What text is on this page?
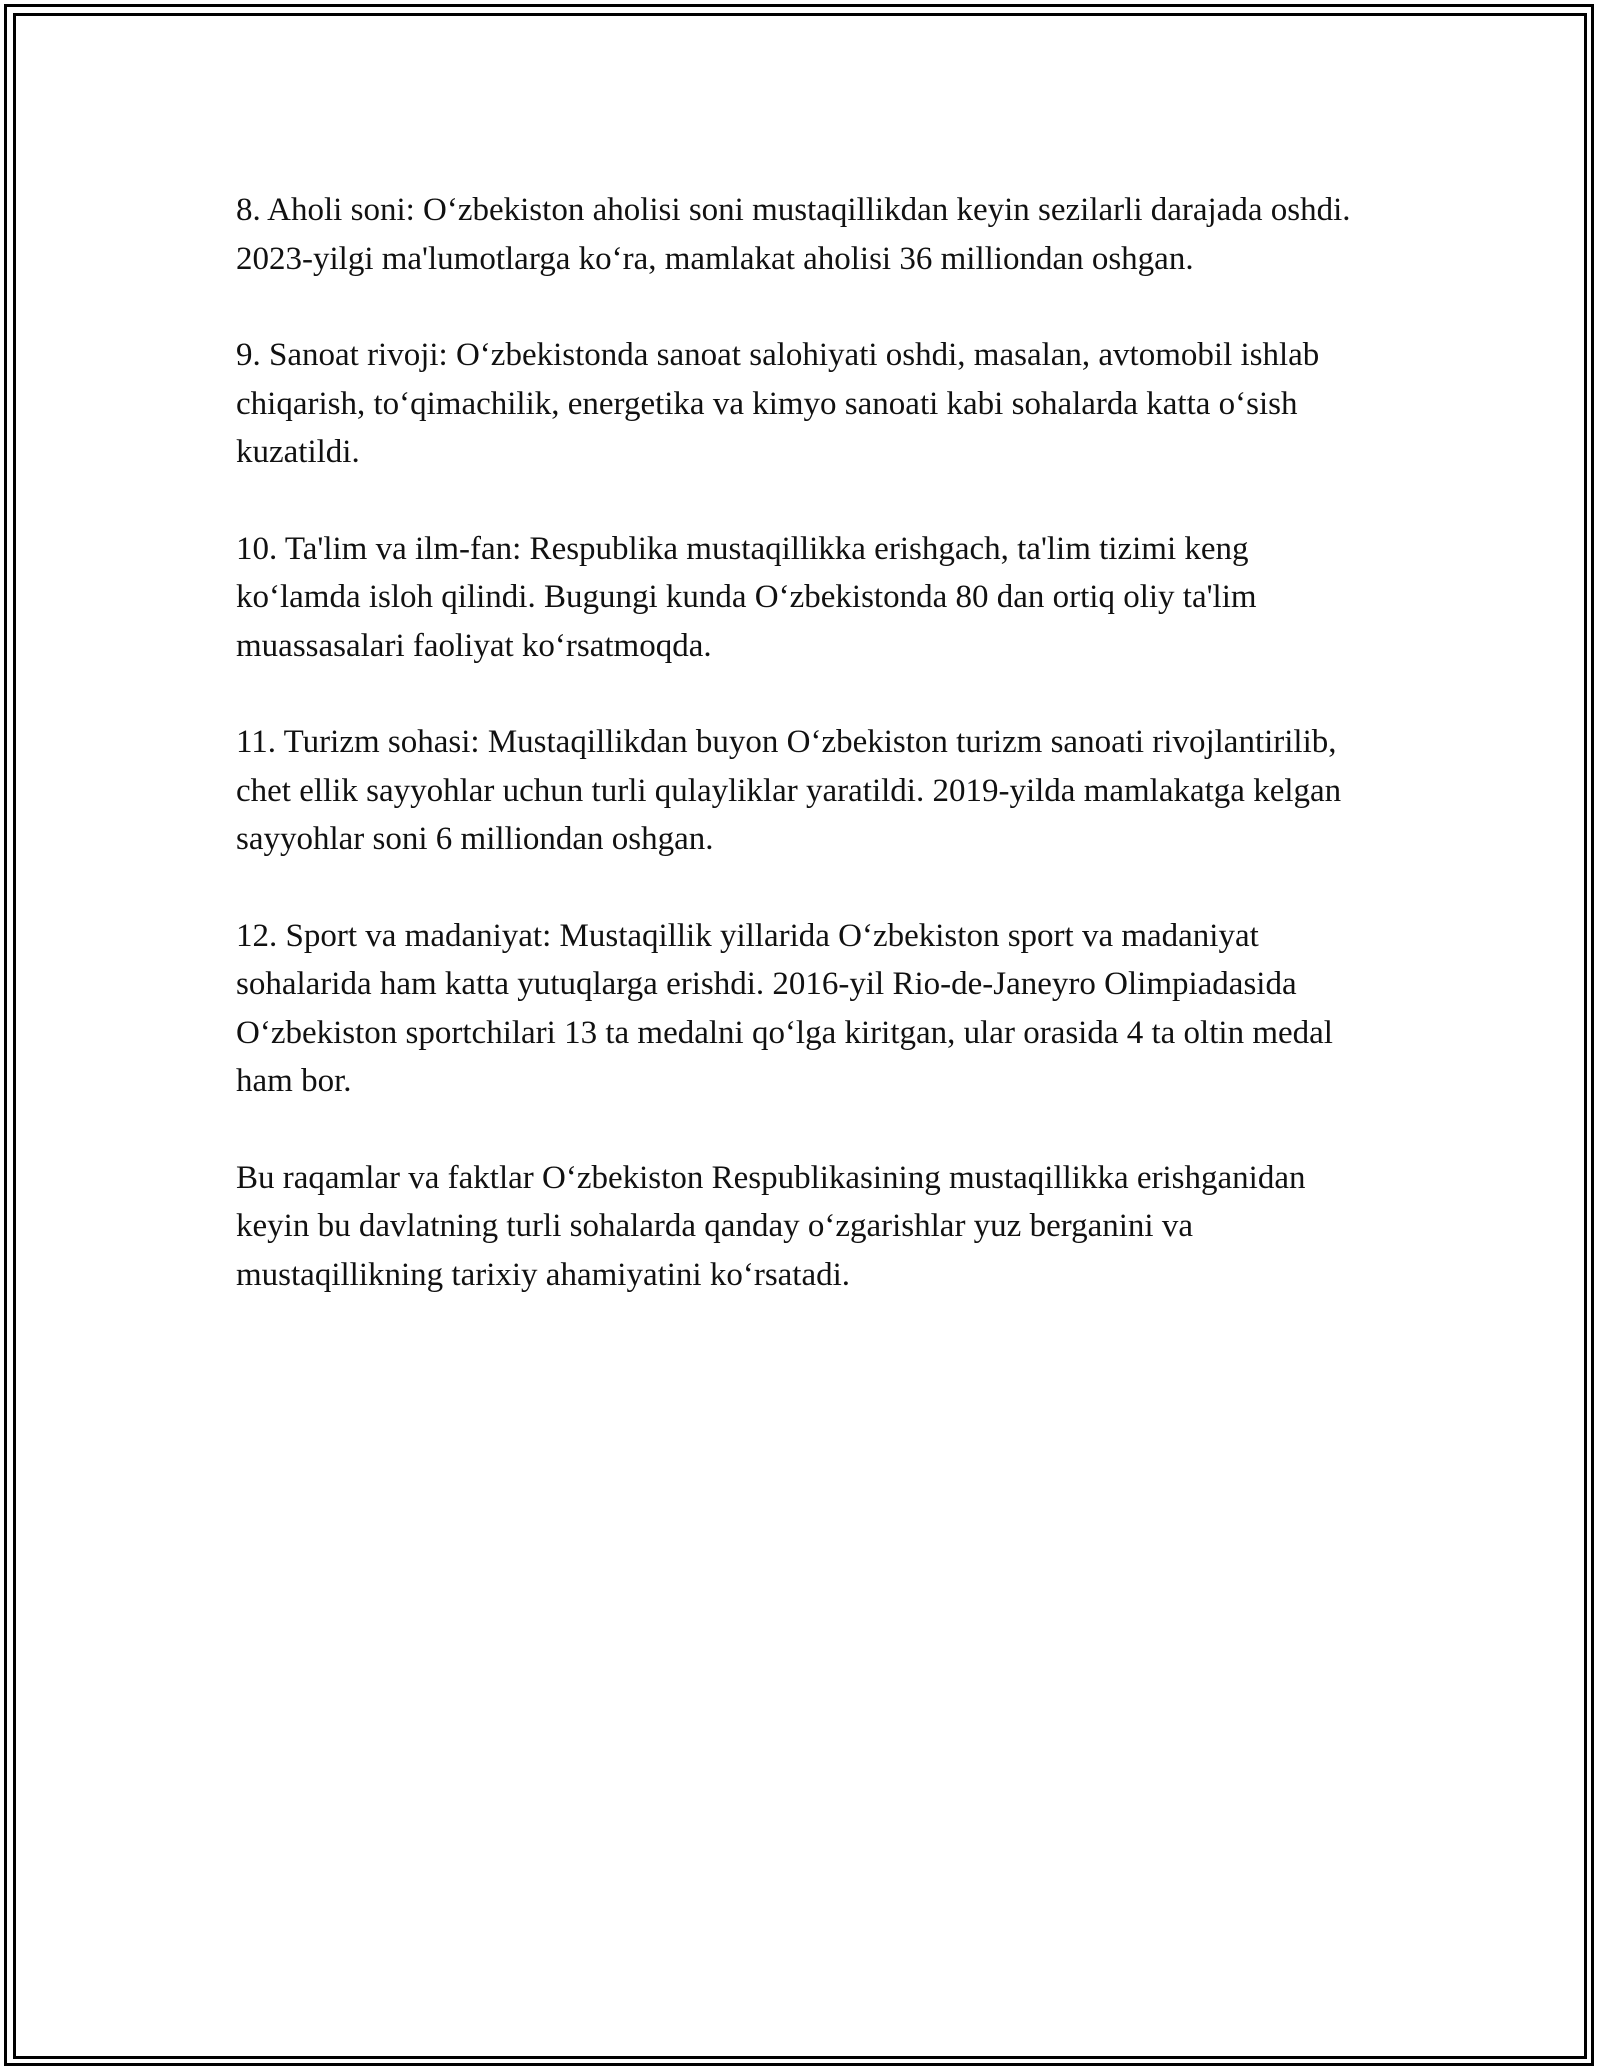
8. Aholi soni: O‘zbekiston aholisi soni mustaqillikdan keyin sezilarli darajada oshdi. 2023-yilgi ma'lumotlarga ko‘ra, mamlakat aholisi 36 milliondan oshgan.

9. Sanoat rivoji: O‘zbekistonda sanoat salohiyati oshdi, masalan, avtomobil ishlab chiqarish, to‘qimachilik, energetika va kimyo sanoati kabi sohalarda katta o‘sish kuzatildi.

10. Ta'lim va ilm-fan: Respublika mustaqillikka erishgach, ta'lim tizimi keng ko‘lamda isloh qilindi. Bugungi kunda O‘zbekistonda 80 dan ortiq oliy ta'lim muassasalari faoliyat ko‘rsatmoqda.

11. Turizm sohasi: Mustaqillikdan buyon O‘zbekiston turizm sanoati rivojlantirilib, chet ellik sayyohlar uchun turli qulayliklar yaratildi. 2019-yilda mamlakatga kelgan sayyohlar soni 6 milliondan oshgan.

12. Sport va madaniyat: Mustaqillik yillarida O‘zbekiston sport va madaniyat sohalarida ham katta yutuqlarga erishdi. 2016-yil Rio-de-Janeyro Olimpiadasida O‘zbekiston sportchilari 13 ta medalni qo‘lga kiritgan, ular orasida 4 ta oltin medal ham bor.

Bu raqamlar va faktlar O‘zbekiston Respublikasining mustaqillikka erishganidan keyin bu davlatning turli sohalarda qanday o‘zgarishlar yuz berganini va mustaqillikning tarixiy ahamiyatini ko‘rsatadi.
